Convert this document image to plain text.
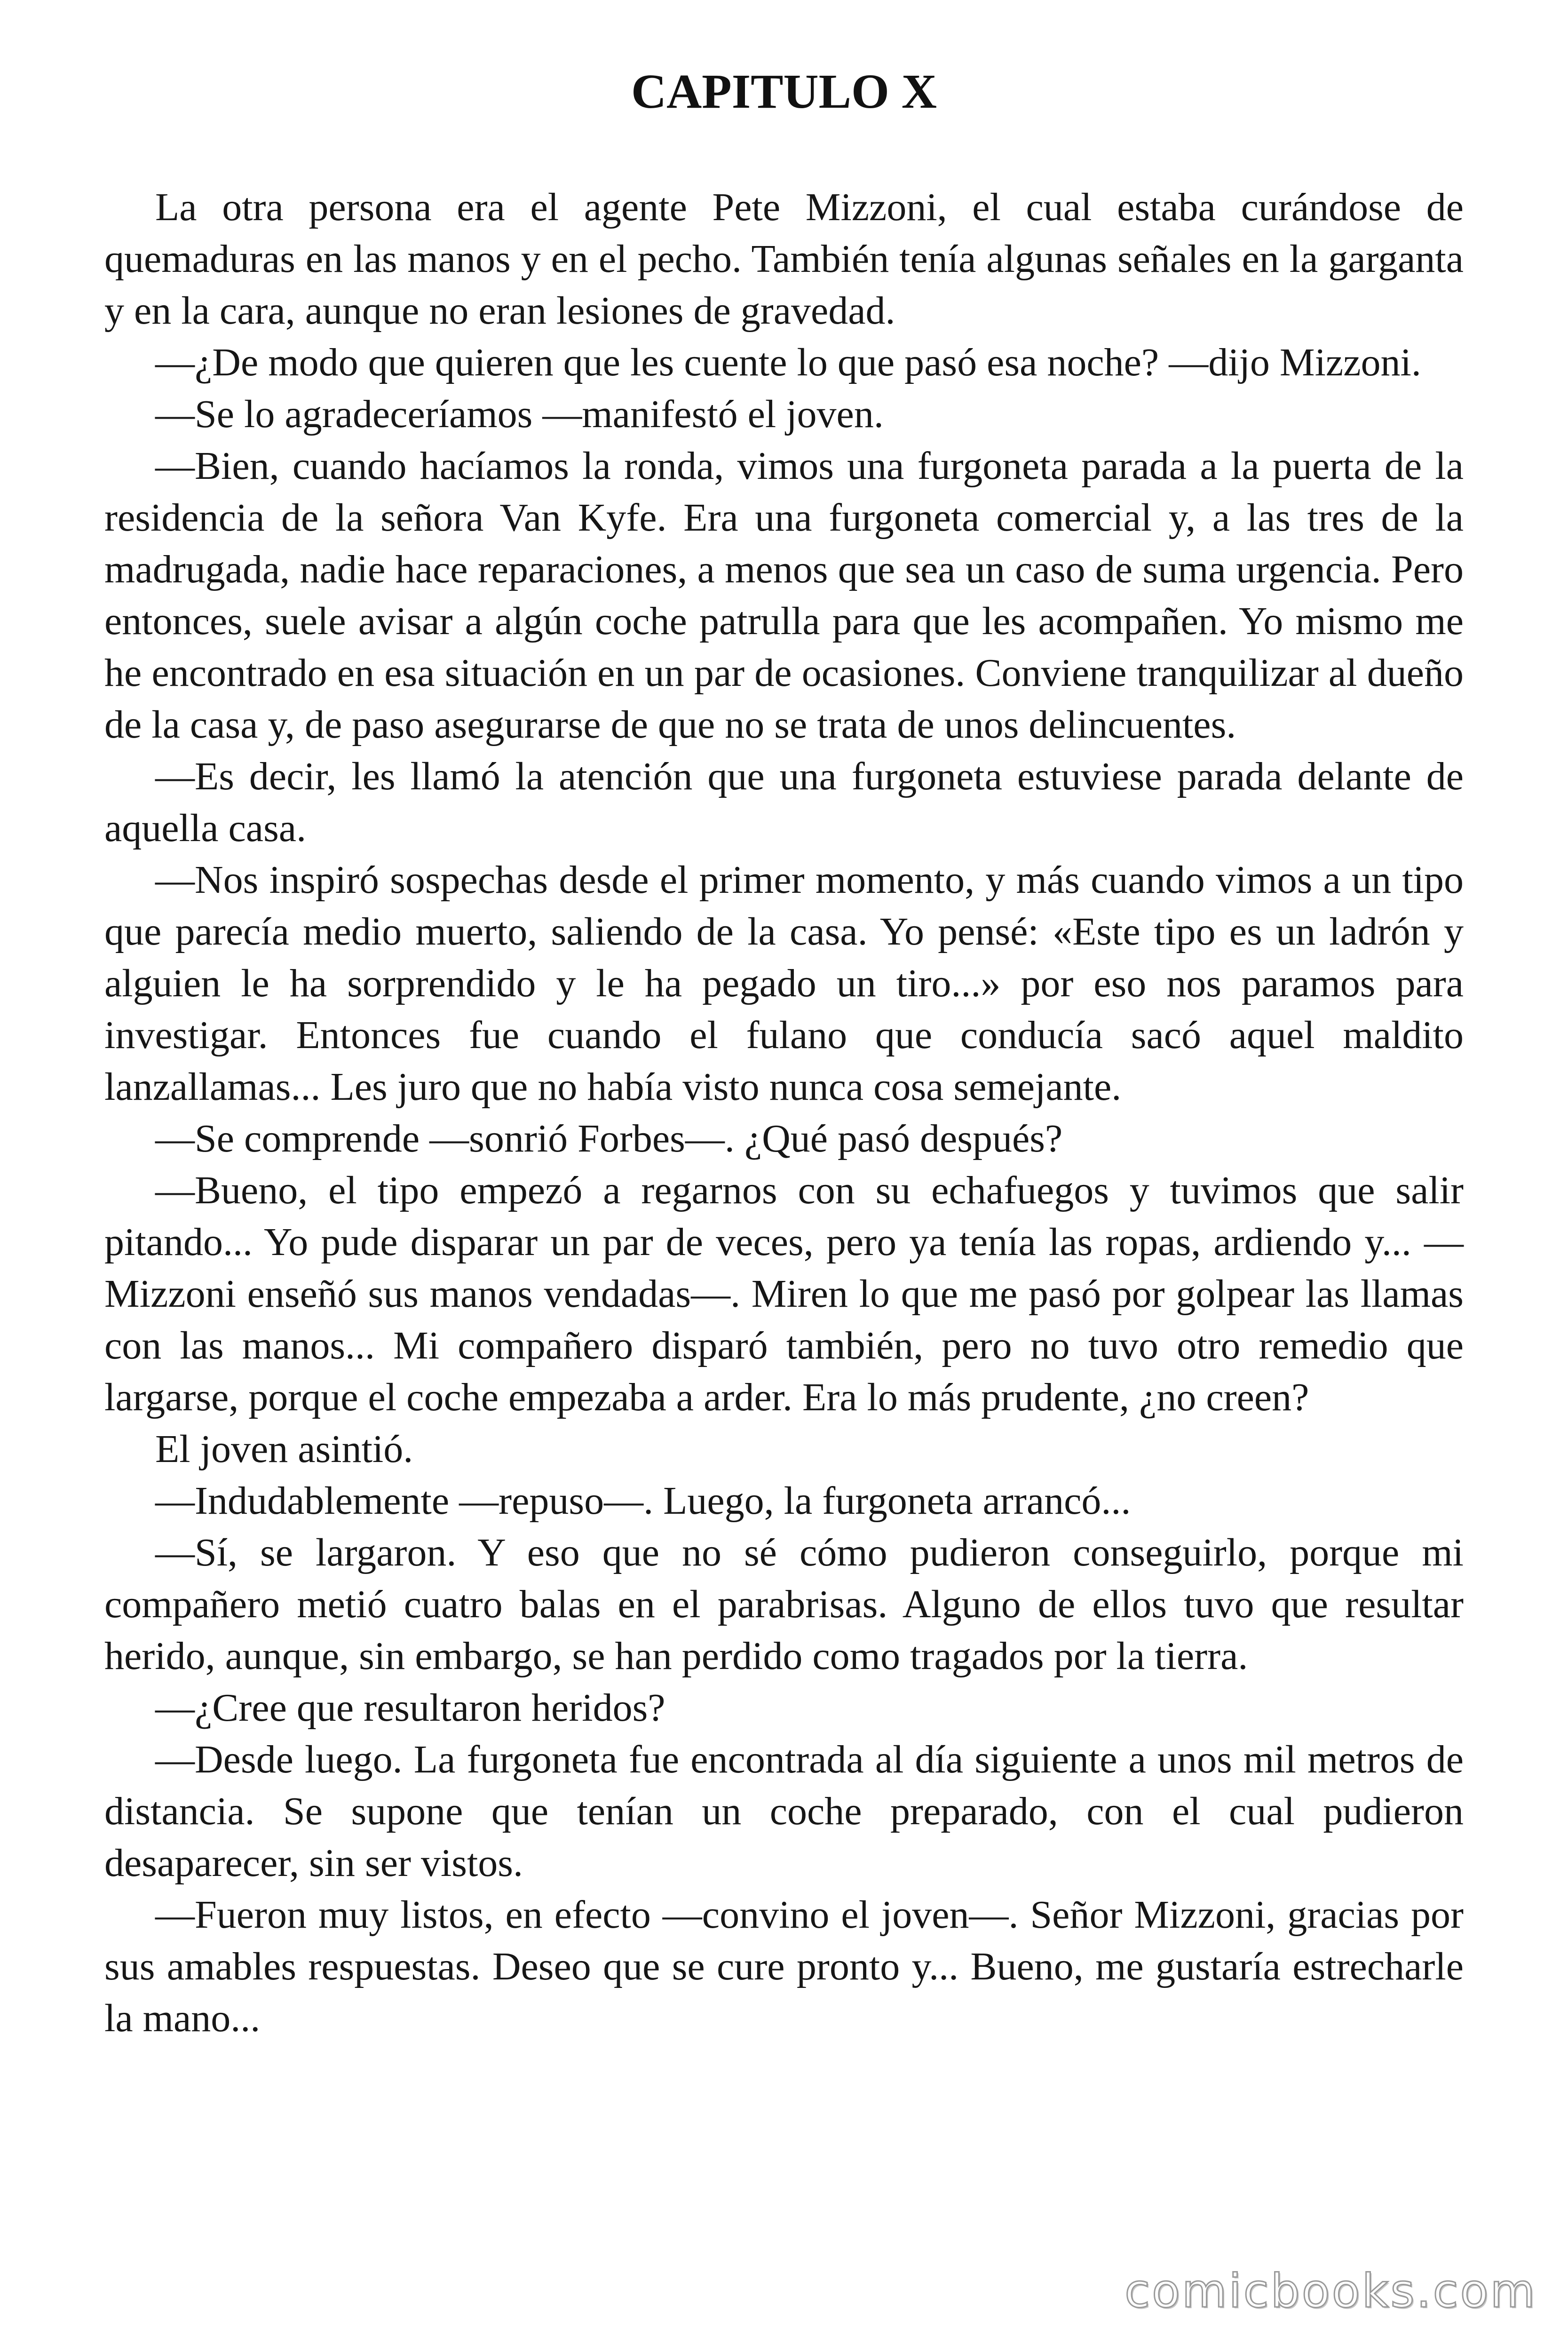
CAPITULO X

La otra persona era el agente Pete Mizzoni, el cual estaba curándose de quemaduras en las manos y en el pecho. También tenía algunas señales en la garganta y en la cara, aunque no eran lesiones de gravedad.

—¿De modo que quieren que les cuente lo que pasó esa noche? —dijo Mizzoni.

—Se lo agradeceríamos —manifestó el joven.

—Bien, cuando hacíamos la ronda, vimos una furgoneta parada a la puerta de la residencia de la señora Van Kyfe. Era una furgoneta comercial y, a las tres de la madrugada, nadie hace reparaciones, a menos que sea un caso de suma urgencia. Pero entonces, suele avisar a algún coche patrulla para que les acompañen. Yo mismo me he encontrado en esa situación en un par de ocasiones. Conviene tranquilizar al dueño de la casa y, de paso asegurarse de que no se trata de unos delincuentes.

—Es decir, les llamó la atención que una furgoneta estuviese parada delante de aquella casa.

—Nos inspiró sospechas desde el primer momento, y más cuando vimos a un tipo que parecía medio muerto, saliendo de la casa. Yo pensé: «Este tipo es un ladrón y alguien le ha sorprendido y le ha pegado un tiro...» por eso nos paramos para investigar. Entonces fue cuando el fulano que conducía sacó aquel maldito lanzallamas... Les juro que no había visto nunca cosa semejante.

—Se comprende —sonrió Forbes—. ¿Qué pasó después?

—Bueno, el tipo empezó a regarnos con su echafuegos y tuvimos que salir pitando... Yo pude disparar un par de veces, pero ya tenía las ropas, ardiendo y... —Mizzoni enseñó sus manos vendadas—. Miren lo que me pasó por golpear las llamas con las manos... Mi compañero disparó también, pero no tuvo otro remedio que largarse, porque el coche empezaba a arder. Era lo más prudente, ¿no creen?

El joven asintió.

—Indudablemente —repuso—. Luego, la furgoneta arrancó...

—Sí, se largaron. Y eso que no sé cómo pudieron conseguirlo, porque mi compañero metió cuatro balas en el parabrisas. Alguno de ellos tuvo que resultar herido, aunque, sin embargo, se han perdido como tragados por la tierra.

—¿Cree que resultaron heridos?

—Desde luego. La furgoneta fue encontrada al día siguiente a unos mil metros de distancia. Se supone que tenían un coche preparado, con el cual pudieron desaparecer, sin ser vistos.

—Fueron muy listos, en efecto —convino el joven—. Señor Mizzoni, gracias por sus amables respuestas. Deseo que se cure pronto y... Bueno, me gustaría estrecharle la mano...

comicbooks.com
